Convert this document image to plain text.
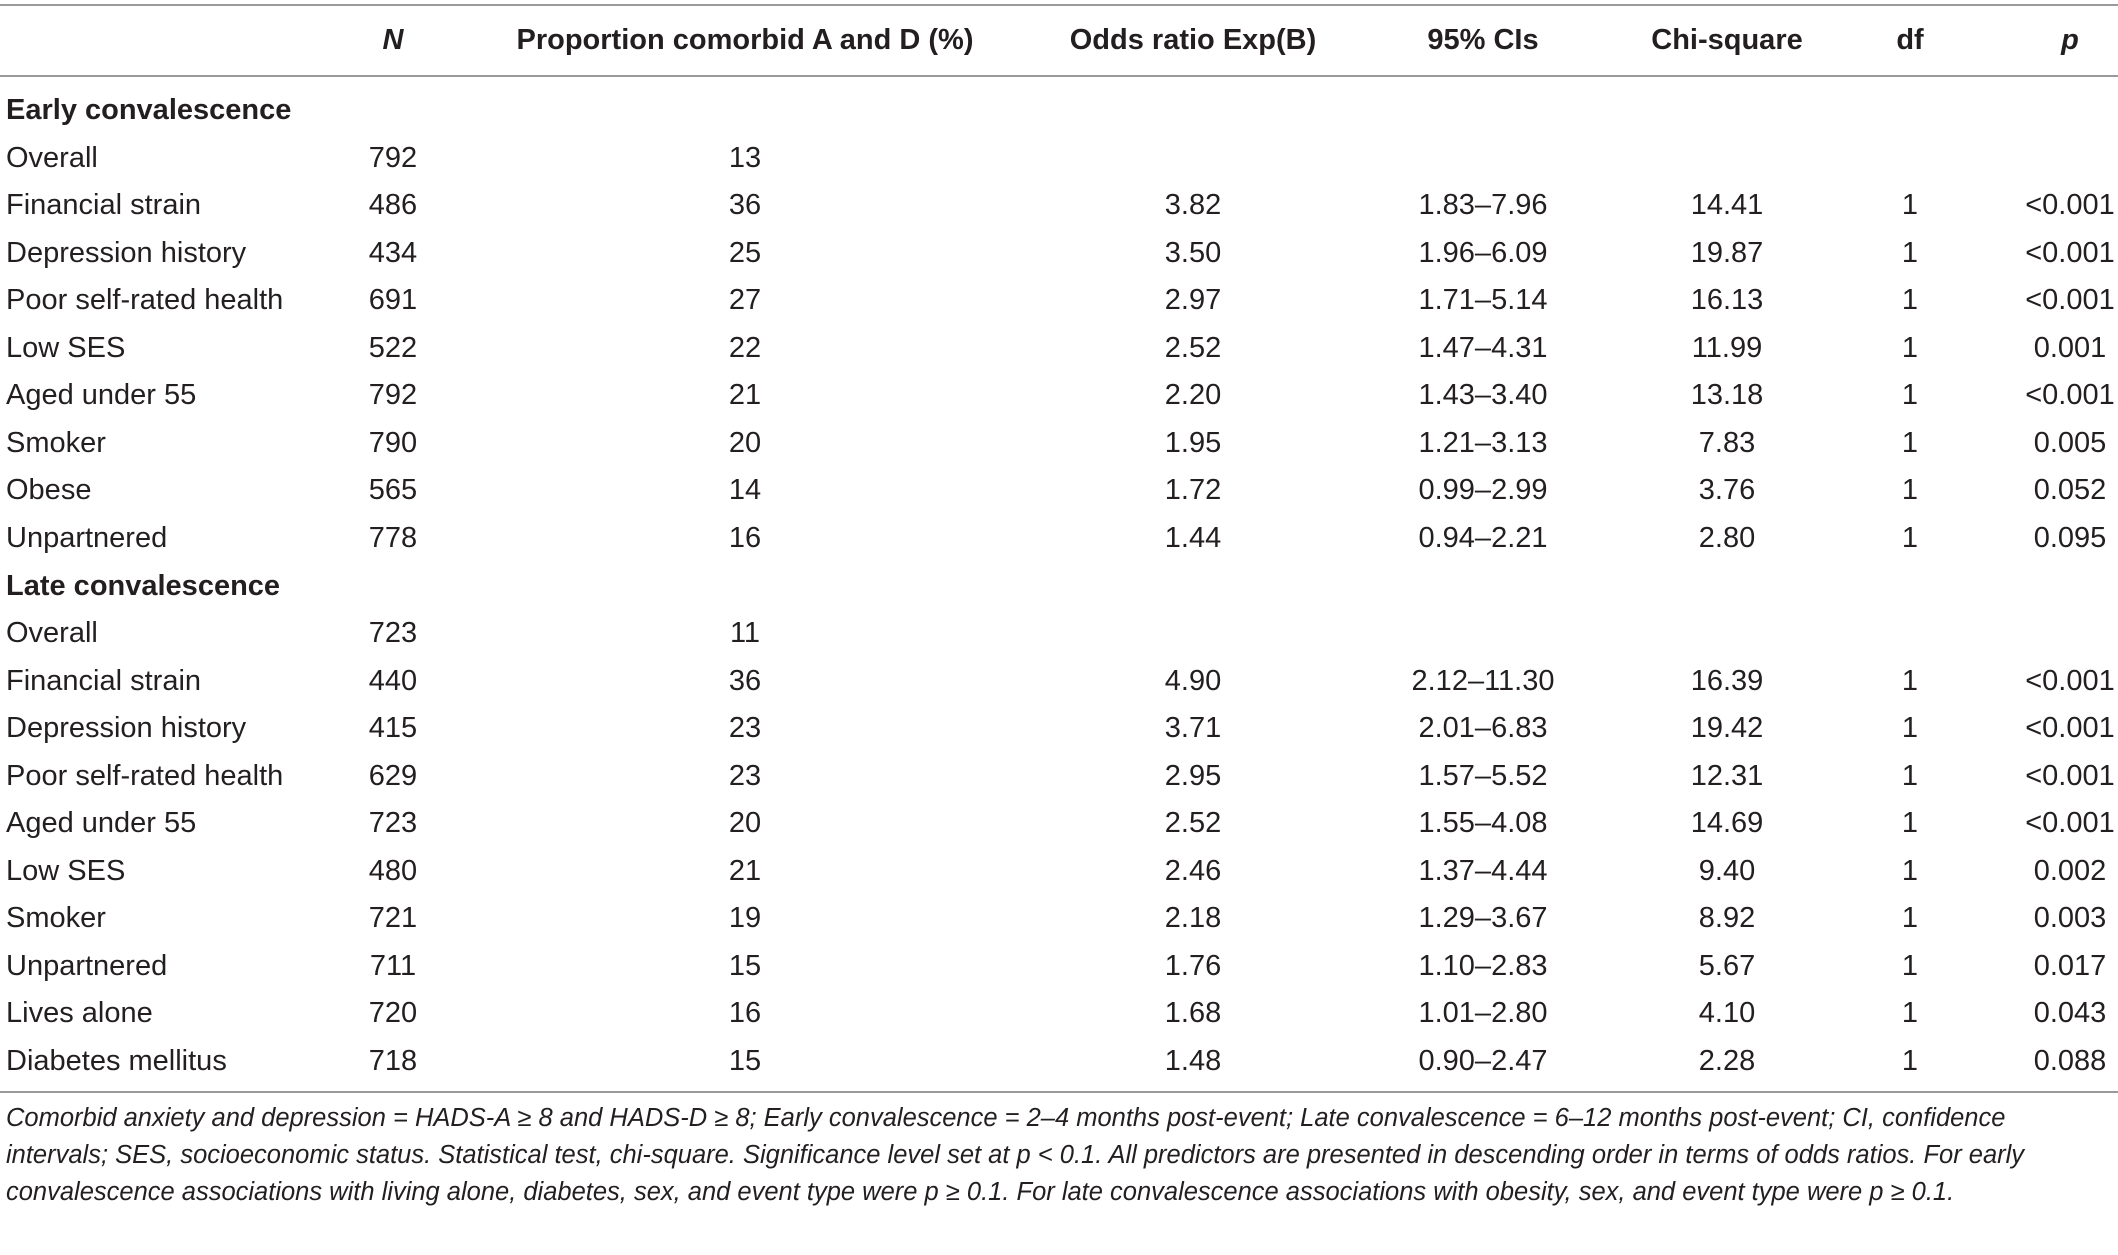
N	Proportion comorbid A and D (%)	Odds ratio Exp(B)	95% CIs	Chi-square	df	p
Early convalescence
Overall	792	13
Financial strain	486	36	3.82	1.83–7.96	14.41	1	<0.001
Depression history	434	25	3.50	1.96–6.09	19.87	1	<0.001
Poor self-rated health	691	27	2.97	1.71–5.14	16.13	1	<0.001
Low SES	522	22	2.52	1.47–4.31	11.99	1	0.001
Aged under 55	792	21	2.20	1.43–3.40	13.18	1	<0.001
Smoker	790	20	1.95	1.21–3.13	7.83	1	0.005
Obese	565	14	1.72	0.99–2.99	3.76	1	0.052
Unpartnered	778	16	1.44	0.94–2.21	2.80	1	0.095
Late convalescence
Overall	723	11
Financial strain	440	36	4.90	2.12–11.30	16.39	1	<0.001
Depression history	415	23	3.71	2.01–6.83	19.42	1	<0.001
Poor self-rated health	629	23	2.95	1.57–5.52	12.31	1	<0.001
Aged under 55	723	20	2.52	1.55–4.08	14.69	1	<0.001
Low SES	480	21	2.46	1.37–4.44	9.40	1	0.002
Smoker	721	19	2.18	1.29–3.67	8.92	1	0.003
Unpartnered	711	15	1.76	1.10–2.83	5.67	1	0.017
Lives alone	720	16	1.68	1.01–2.80	4.10	1	0.043
Diabetes mellitus	718	15	1.48	0.90–2.47	2.28	1	0.088
Comorbid anxiety and depression = HADS-A ≥ 8 and HADS-D ≥ 8; Early convalescence = 2–4 months post-event; Late convalescence = 6–12 months post-event; CI, confidence intervals; SES, socioeconomic status. Statistical test, chi-square. Significance level set at p < 0.1. All predictors are presented in descending order in terms of odds ratios. For early convalescence associations with living alone, diabetes, sex, and event type were p ≥ 0.1. For late convalescence associations with obesity, sex, and event type were p ≥ 0.1.
